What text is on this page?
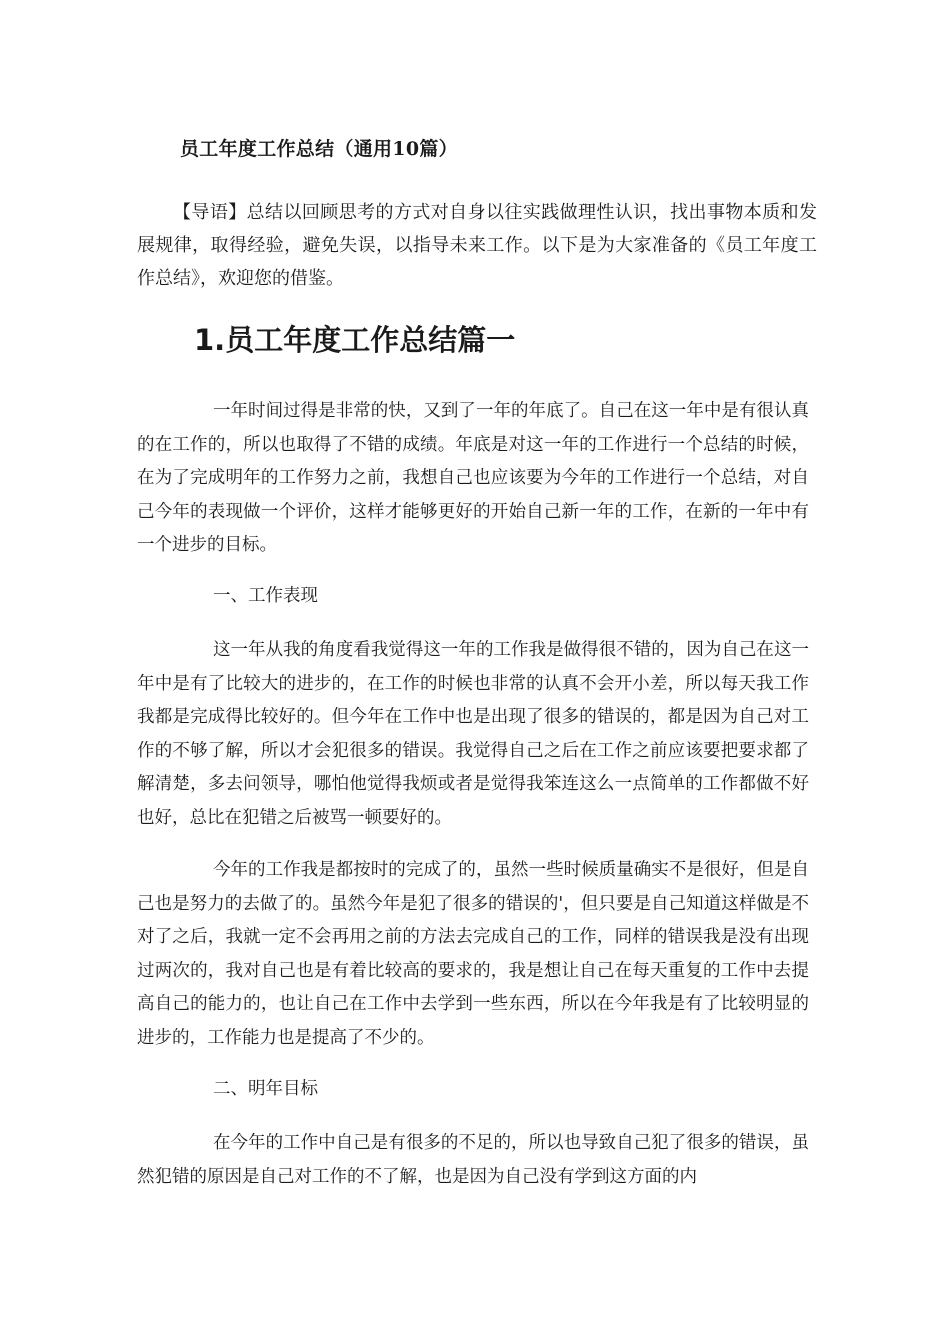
员工年度工作总结（通用10篇）
【导语】总结以回顾思考的方式对自身以往实践做理性认识，找出事物本质和发展规律，取得经验，避免失误，以指导未来工作。以下是为大家准备的《员工年度工作总结》，欢迎您的借鉴。
1.员工年度工作总结篇一
一年时间过得是非常的快，又到了一年的年底了。自己在这一年中是有很认真的在工作的，所以也取得了不错的成绩。年底是对这一年的工作进行一个总结的时候，在为了完成明年的工作努力之前，我想自己也应该要为今年的工作进行一个总结，对自己今年的表现做一个评价，这样才能够更好的开始自己新一年的工作，在新的一年中有一个进步的目标。
一、工作表现
这一年从我的角度看我觉得这一年的工作我是做得很不错的，因为自己在这一年中是有了比较大的进步的，在工作的时候也非常的认真不会开小差，所以每天我工作我都是完成得比较好的。但今年在工作中也是出现了很多的错误的，都是因为自己对工作的不够了解，所以才会犯很多的错误。我觉得自己之后在工作之前应该要把要求都了解清楚，多去问领导，哪怕他觉得我烦或者是觉得我笨连这么一点简单的工作都做不好也好，总比在犯错之后被骂一顿要好的。
今年的工作我是都按时的完成了的，虽然一些时候质量确实不是很好，但是自己也是努力的去做了的。虽然今年是犯了很多的错误的'，但只要是自己知道这样做是不对了之后，我就一定不会再用之前的方法去完成自己的工作，同样的错误我是没有出现过两次的，我对自己也是有着比较高的要求的，我是想让自己在每天重复的工作中去提高自己的能力的，也让自己在工作中去学到一些东西，所以在今年我是有了比较明显的进步的，工作能力也是提高了不少的。
二、明年目标
在今年的工作中自己是有很多的不足的，所以也导致自己犯了很多的错误，虽然犯错的原因是自己对工作的不了解，也是因为自己没有学到这方面的内
